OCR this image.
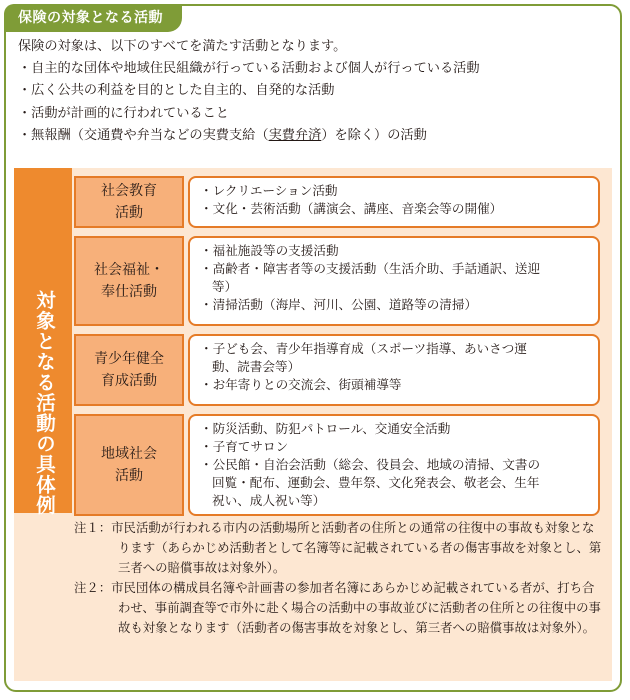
保険の対象となる活動
保険の対象は、以下のすべてを満たす活動となります。
・自主的な団体や地域住民組織が行っている活動および個人が行っている活動
・広く公共の利益を目的とした自主的、自発的な活動
・活動が計画的に行われていること
・無報酬（交通費や弁当などの実費支給（実費弁済）を除く）の活動
対象となる活動の具体例
社会教育
活動
・レクリエーション活動
・文化・芸術活動（講演会、講座、音楽会等の開催）
社会福祉・
奉仕活動
・福祉施設等の支援活動
・高齢者・障害者等の支援活動（生活介助、手話通訳、送迎
等）
・清掃活動（海岸、河川、公園、道路等の清掃）
青少年健全
育成活動
・子ども会、青少年指導育成（スポーツ指導、あいさつ運
動、読書会等）
・お年寄りとの交流会、街頭補導等
地域社会
活動
・防災活動、防犯パトロール、交通安全活動
・子育てサロン
・公民館・自治会活動（総会、役員会、地域の清掃、文書の
回覧・配布、運動会、豊年祭、文化発表会、敬老会、生年
祝い、成人祝い等）
注１：市民活動が行われる市内の活動場所と活動者の住所との通常の往復中の事故も対象となります（あらかじめ活動者として名簿等に記載されている者の傷害事故を対象とし、第三者への賠償事故は対象外）。
注２：市民団体の構成員名簿や計画書の参加者名簿にあらかじめ記載されている者が、打ち合わせ、事前調査等で市外に赴く場合の活動中の事故並びに活動者の住所との往復中の事故も対象となります（活動者の傷害事故を対象とし、第三者への賠償事故は対象外）。
